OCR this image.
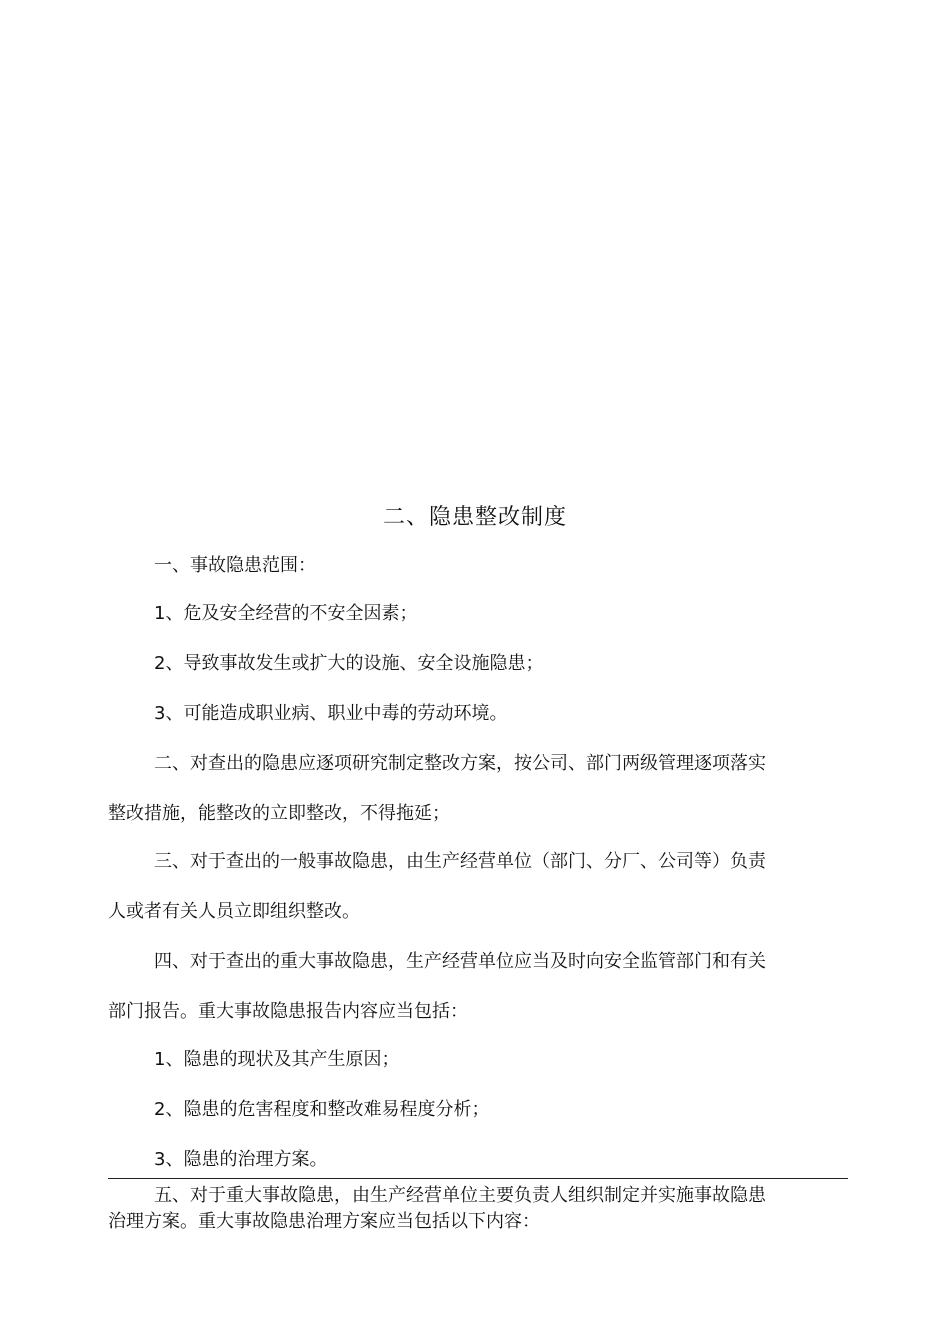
二、隐患整改制度
一、事故隐患范围：
1、危及安全经营的不安全因素；
2、导致事故发生或扩大的设施、安全设施隐患；
3、可能造成职业病、职业中毒的劳动环境。
二、对查出的隐患应逐项研究制定整改方案，按公司、部门两级管理逐项落实
整改措施，能整改的立即整改，不得拖延；
三、对于查出的一般事故隐患，由生产经营单位（部门、分厂、公司等）负责
人或者有关人员立即组织整改。
四、对于查出的重大事故隐患，生产经营单位应当及时向安全监管部门和有关
部门报告。重大事故隐患报告内容应当包括：
1、隐患的现状及其产生原因；
2、隐患的危害程度和整改难易程度分析；
3、隐患的治理方案。
五、对于重大事故隐患，由生产经营单位主要负责人组织制定并实施事故隐患
治理方案。重大事故隐患治理方案应当包括以下内容：
